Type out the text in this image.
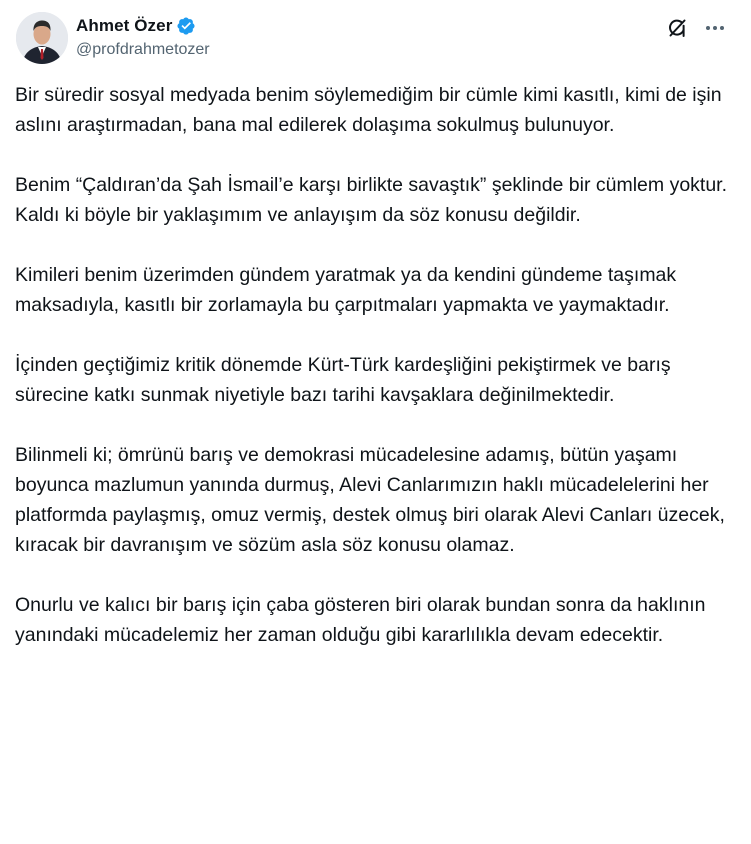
Ahmet Özer
@profdrahmetozer

Bir süredir sosyal medyada benim söylemediğim bir cümle kimi kasıtlı, kimi de işin aslını araştırmadan, bana mal edilerek dolaşıma sokulmuş bulunuyor.

Benim “Çaldıran’da Şah İsmail’e karşı birlikte savaştık” şeklinde bir cümlem yoktur. Kaldı ki böyle bir yaklaşımım ve anlayışım da söz konusu değildir.

Kimileri benim üzerimden gündem yaratmak ya da kendini gündeme taşımak maksadıyla, kasıtlı bir zorlamayla bu çarpıtmaları yapmakta ve yaymaktadır.

İçinden geçtiğimiz kritik dönemde Kürt-Türk kardeşliğini pekiştirmek ve barış sürecine katkı sunmak niyetiyle bazı tarihi kavşaklara değinilmektedir.

Bilinmeli ki; ömrünü barış ve demokrasi mücadelesine adamış, bütün yaşamı boyunca mazlumun yanında durmuş, Alevi Canlarımızın haklı mücadelelerini her platformda paylaşmış, omuz vermiş, destek olmuş biri olarak Alevi Canları üzecek, kıracak bir davranışım ve sözüm asla söz konusu olamaz.

Onurlu ve kalıcı bir barış için çaba gösteren biri olarak bundan sonra da haklının yanındaki mücadelemiz her zaman olduğu gibi kararlılıkla devam edecektir.
